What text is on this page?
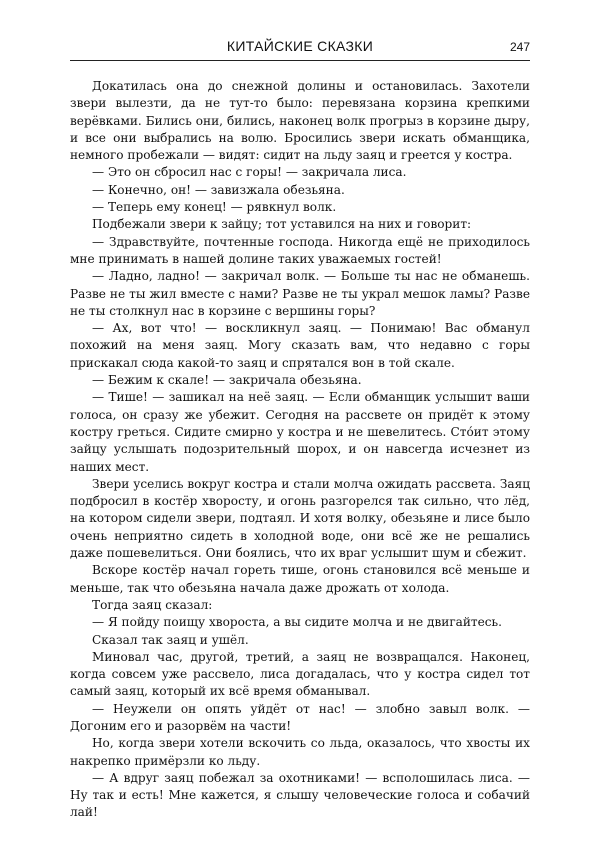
КИТАЙСКИЕ СКАЗКИ	247

Докатилась она до снежной долины и остановилась. Захотели звери вылезти, да не тут-то было: перевязана корзина крепкими верёвками. Бились они, бились, наконец волк прогрыз в корзине дыру, и все они выбрались на волю. Бросились звери искать обманщика, немного пробежали — видят: сидит на льду заяц и греется у костра.

— Это он сбросил нас с горы! — закричала лиса.

— Конечно, он! — завизжала обезьяна.

— Теперь ему конец! — рявкнул волк.

Подбежали звери к зайцу; тот уставился на них и говорит:

— Здравствуйте, почтенные господа. Никогда ещё не приходилось мне принимать в нашей долине таких уважаемых гостей!

— Ладно, ладно! — закричал волк. — Больше ты нас не обманешь. Разве не ты жил вместе с нами? Разве не ты украл мешок ламы? Разве не ты столкнул нас в корзине с вершины горы?

— Ах, вот что! — воскликнул заяц. — Понимаю! Вас обманул похожий на меня заяц. Могу сказать вам, что недавно с горы прискакал сюда какой-то заяц и спрятался вон в той скале.

— Бежим к скале! — закричала обезьяна.

— Тише! — зашикал на неё заяц. — Если обманщик услышит ваши голоса, он сразу же убежит. Сегодня на рассвете он придёт к этому костру греться. Сидите смирно у костра и не шевелитесь. Сто́ит этому зайцу услышать подозрительный шорох, и он навсегда исчезнет из наших мест.

Звери уселись вокруг костра и стали молча ожидать рассвета. Заяц подбросил в костёр хворосту, и огонь разгорелся так сильно, что лёд, на котором сидели звери, подтаял. И хотя волку, обезьяне и лисе было очень неприятно сидеть в холодной воде, они всё же не решались даже пошевелиться. Они боялись, что их враг услышит шум и сбежит.

Вскоре костёр начал гореть тише, огонь становился всё меньше и меньше, так что обезьяна начала даже дрожать от холода.

Тогда заяц сказал:

— Я пойду поищу хвороста, а вы сидите молча и не двигайтесь.

Сказал так заяц и ушёл.

Миновал час, другой, третий, а заяц не возвращался. Наконец, когда совсем уже рассвело, лиса догадалась, что у костра сидел тот самый заяц, который их всё время обманывал.

— Неужели он опять уйдёт от нас! — злобно завыл волк. — Догоним его и разорвём на части!

Но, когда звери хотели вскочить со льда, оказалось, что хвосты их накрепко примёрзли ко льду.

— А вдруг заяц побежал за охотниками! — всполошилась лиса. — Ну так и есть! Мне кажется, я слышу человеческие голоса и собачий лай!
